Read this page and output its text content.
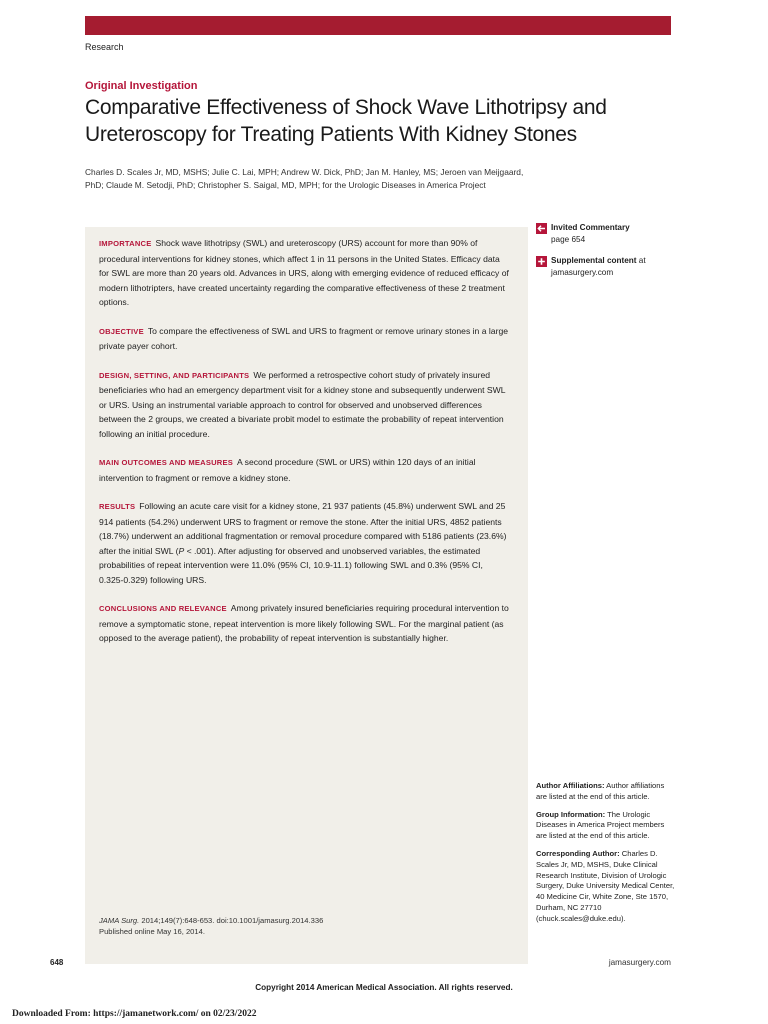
Research
Original Investigation
Comparative Effectiveness of Shock Wave Lithotripsy and Ureteroscopy for Treating Patients With Kidney Stones
Charles D. Scales Jr, MD, MSHS; Julie C. Lai, MPH; Andrew W. Dick, PhD; Jan M. Hanley, MS; Jeroen van Meijgaard, PhD; Claude M. Setodji, PhD; Christopher S. Saigal, MD, MPH; for the Urologic Diseases in America Project

IMPORTANCE Shock wave lithotripsy (SWL) and ureteroscopy (URS) account for more than 90% of procedural interventions for kidney stones, which affect 1 in 11 persons in the United States. Efficacy data for SWL are more than 20 years old. Advances in URS, along with emerging evidence of reduced efficacy of modern lithotripters, have created uncertainty regarding the comparative effectiveness of these 2 treatment options.

OBJECTIVE To compare the effectiveness of SWL and URS to fragment or remove urinary stones in a large private payer cohort.

DESIGN, SETTING, AND PARTICIPANTS We performed a retrospective cohort study of privately insured beneficiaries who had an emergency department visit for a kidney stone and subsequently underwent SWL or URS. Using an instrumental variable approach to control for observed and unobserved differences between the 2 groups, we created a bivariate probit model to estimate the probability of repeat intervention following an initial procedure.

MAIN OUTCOMES AND MEASURES A second procedure (SWL or URS) within 120 days of an initial intervention to fragment or remove a kidney stone.

RESULTS Following an acute care visit for a kidney stone, 21 937 patients (45.8%) underwent SWL and 25 914 patients (54.2%) underwent URS to fragment or remove the stone. After the initial URS, 4852 patients (18.7%) underwent an additional fragmentation or removal procedure compared with 5186 patients (23.6%) after the initial SWL (P < .001). After adjusting for observed and unobserved variables, the estimated probabilities of repeat intervention were 11.0% (95% CI, 10.9-11.1) following SWL and 0.3% (95% CI, 0.325-0.329) following URS.

CONCLUSIONS AND RELEVANCE Among privately insured beneficiaries requiring procedural intervention to remove a symptomatic stone, repeat intervention is more likely following SWL. For the marginal patient (as opposed to the average patient), the probability of repeat intervention is substantially higher.

JAMA Surg. 2014;149(7):648-653. doi:10.1001/jamasurg.2014.336
Published online May 16, 2014.
Invited Commentary
page 654
Supplemental content at
jamasurgery.com

Author Affiliations: Author affiliations are listed at the end of this article.

Group Information: The Urologic Diseases in America Project members are listed at the end of this article.

Corresponding Author: Charles D. Scales Jr, MD, MSHS, Duke Clinical Research Institute, Division of Urologic Surgery, Duke University Medical Center, 40 Medicine Cir, White Zone, Ste 1570, Durham, NC 27710 (chuck.scales@duke.edu).

648	jamasurgery.com
Copyright 2014 American Medical Association. All rights reserved.
Downloaded From: https://jamanetwork.com/ on 02/23/2022
